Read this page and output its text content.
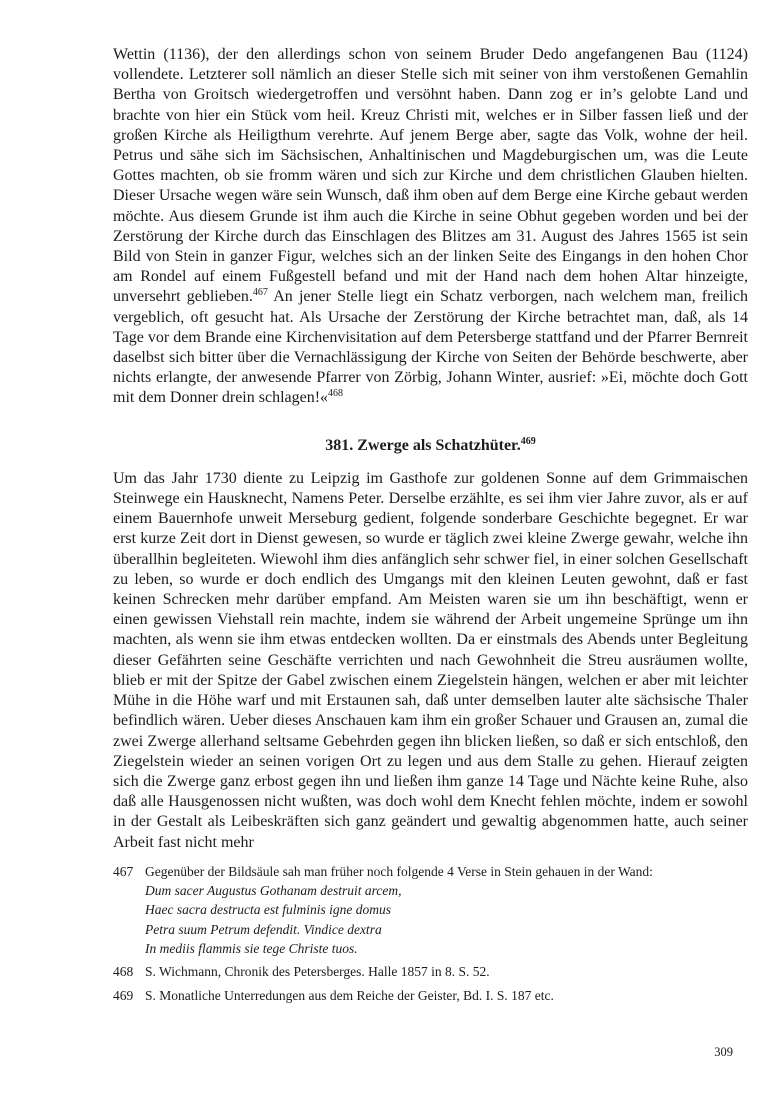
Wettin (1136), der den allerdings schon von seinem Bruder Dedo angefangenen Bau (1124) vollendete. Letzterer soll nämlich an dieser Stelle sich mit seiner von ihm verstoßenen Gemahlin Bertha von Groitsch wiedergetroffen und versöhnt haben. Dann zog er in’s gelobte Land und brachte von hier ein Stück vom heil. Kreuz Christi mit, welches er in Silber fassen ließ und der großen Kirche als Heiligthum verehrte. Auf jenem Berge aber, sagte das Volk, wohne der heil. Petrus und sähe sich im Sächsischen, Anhaltinischen und Magdeburgischen um, was die Leute Gottes machten, ob sie fromm wären und sich zur Kirche und dem christlichen Glauben hielten. Dieser Ursache wegen wäre sein Wunsch, daß ihm oben auf dem Berge eine Kirche gebaut werden möchte. Aus diesem Grunde ist ihm auch die Kirche in seine Obhut gegeben worden und bei der Zerstörung der Kirche durch das Einschlagen des Blitzes am 31. August des Jahres 1565 ist sein Bild von Stein in ganzer Figur, welches sich an der linken Seite des Eingangs in den hohen Chor am Rondel auf einem Fußgestell befand und mit der Hand nach dem hohen Altar hinzeigte, unversehrt geblieben.$^{467}$ An jener Stelle liegt ein Schatz verborgen, nach welchem man, freilich vergeblich, oft gesucht hat. Als Ursache der Zerstörung der Kirche betrachtet man, daß, als 14 Tage vor dem Brande eine Kirchenvisitation auf dem Petersberge stattfand und der Pfarrer Bernreit daselbst sich bitter über die Vernachlässigung der Kirche von Seiten der Behörde beschwerte, aber nichts erlangte, der anwesende Pfarrer von Zörbig, Johann Winter, ausrief: »Ei, möchte doch Gott mit dem Donner drein schlagen!«$^{468}$

381. Zwerge als Schatzhüter.$^{469}$

Um das Jahr 1730 diente zu Leipzig im Gasthofe zur goldenen Sonne auf dem Grimmaischen Steinwege ein Hausknecht, Namens Peter. Derselbe erzählte, es sei ihm vier Jahre zuvor, als er auf einem Bauernhofe unweit Merseburg gedient, folgende sonderbare Geschichte begegnet. Er war erst kurze Zeit dort in Dienst gewesen, so wurde er täglich zwei kleine Zwerge gewahr, welche ihn überallhin begleiteten. Wiewohl ihm dies anfänglich sehr schwer fiel, in einer solchen Gesellschaft zu leben, so wurde er doch endlich des Umgangs mit den kleinen Leuten gewohnt, daß er fast keinen Schrecken mehr darüber empfand. Am Meisten waren sie um ihn beschäftigt, wenn er einen gewissen Viehstall rein machte, indem sie während der Arbeit ungemeine Sprünge um ihn machten, als wenn sie ihm etwas entdecken wollten. Da er einstmals des Abends unter Begleitung dieser Gefährten seine Geschäfte verrichten und nach Gewohnheit die Streu ausräumen wollte, blieb er mit der Spitze der Gabel zwischen einem Ziegelstein hängen, welchen er aber mit leichter Mühe in die Höhe warf und mit Erstaunen sah, daß unter demselben lauter alte sächsische Thaler befindlich wären. Ueber dieses Anschauen kam ihm ein großer Schauer und Grausen an, zumal die zwei Zwerge allerhand seltsame Gebehrden gegen ihn blicken ließen, so daß er sich entschloß, den Ziegelstein wieder an seinen vorigen Ort zu legen und aus dem Stalle zu gehen. Hierauf zeigten sich die Zwerge ganz erbost gegen ihn und ließen ihm ganze 14 Tage und Nächte keine Ruhe, also daß alle Hausgenossen nicht wußten, was doch wohl dem Knecht fehlen möchte, indem er sowohl in der Gestalt als Leibeskräften sich ganz geändert und gewaltig abgenommen hatte, auch seiner Arbeit fast nicht mehr

467 Gegenüber der Bildsäule sah man früher noch folgende 4 Verse in Stein gehauen in der Wand:
Dum sacer Augustus Gothanam destruit arcem,
Haec sacra destructa est fulminis igne domus
Petra suum Petrum defendit. Vindice dextra
In mediis flammis sie tege Christe tuos.
468 S. Wichmann, Chronik des Petersberges. Halle 1857 in 8. S. 52.
469 S. Monatliche Unterredungen aus dem Reiche der Geister, Bd. I. S. 187 etc.
309
